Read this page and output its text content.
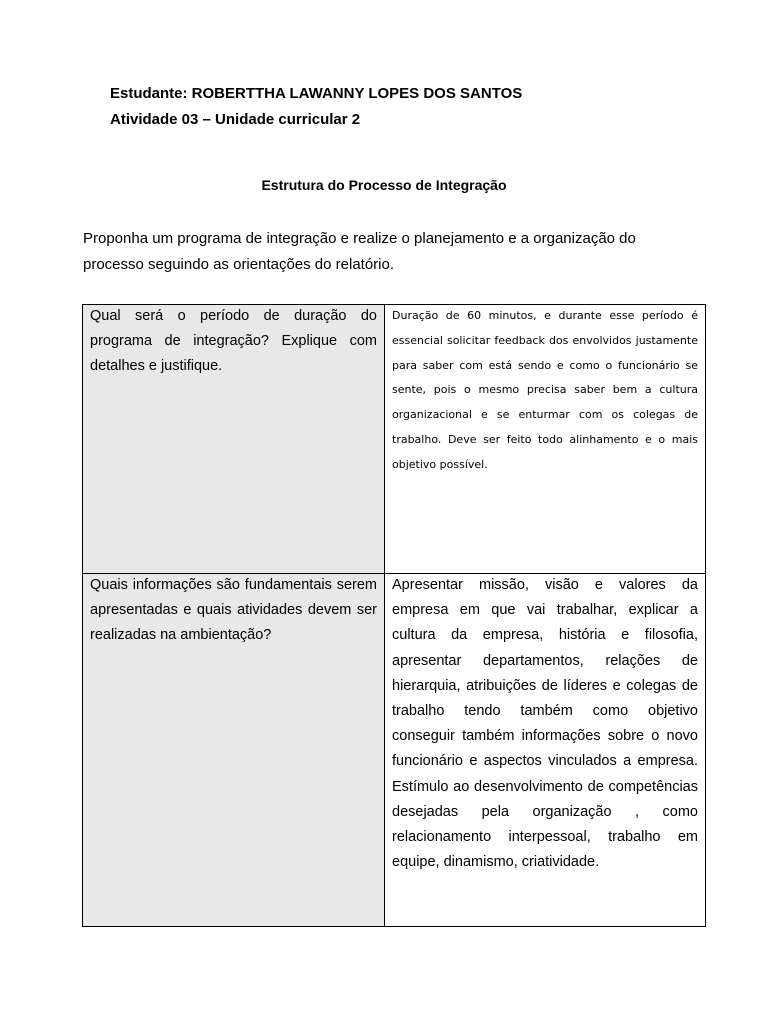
Estudante: ROBERTTHA LAWANNY LOPES DOS SANTOS
Atividade 03 – Unidade curricular 2
Estrutura do Processo de Integração
Proponha um programa de integração e realize o planejamento e a organização do processo seguindo as orientações do relatório.
Qual será o período de duração do programa de integração? Explique com detalhes e justifique.	Duração de 60 minutos, e durante esse período é essencial solicitar feedback dos envolvidos justamente para saber com está sendo e como o funcionário se sente, pois o mesmo precisa saber bem a cultura organizacional e se enturmar com os colegas de trabalho. Deve ser feito todo alinhamento e o mais objetivo possível.

Quais informações são fundamentais serem apresentadas e quais atividades devem ser realizadas na ambientação?	Apresentar missão, visão e valores da empresa em que vai trabalhar, explicar a cultura da empresa, história e filosofia, apresentar departamentos, relações de hierarquia, atribuições de líderes e colegas de trabalho tendo também como objetivo conseguir também informações sobre o novo funcionário e aspectos vinculados a empresa. Estímulo ao desenvolvimento de competências desejadas pela organização , como relacionamento interpessoal, trabalho em equipe, dinamismo, criatividade.
